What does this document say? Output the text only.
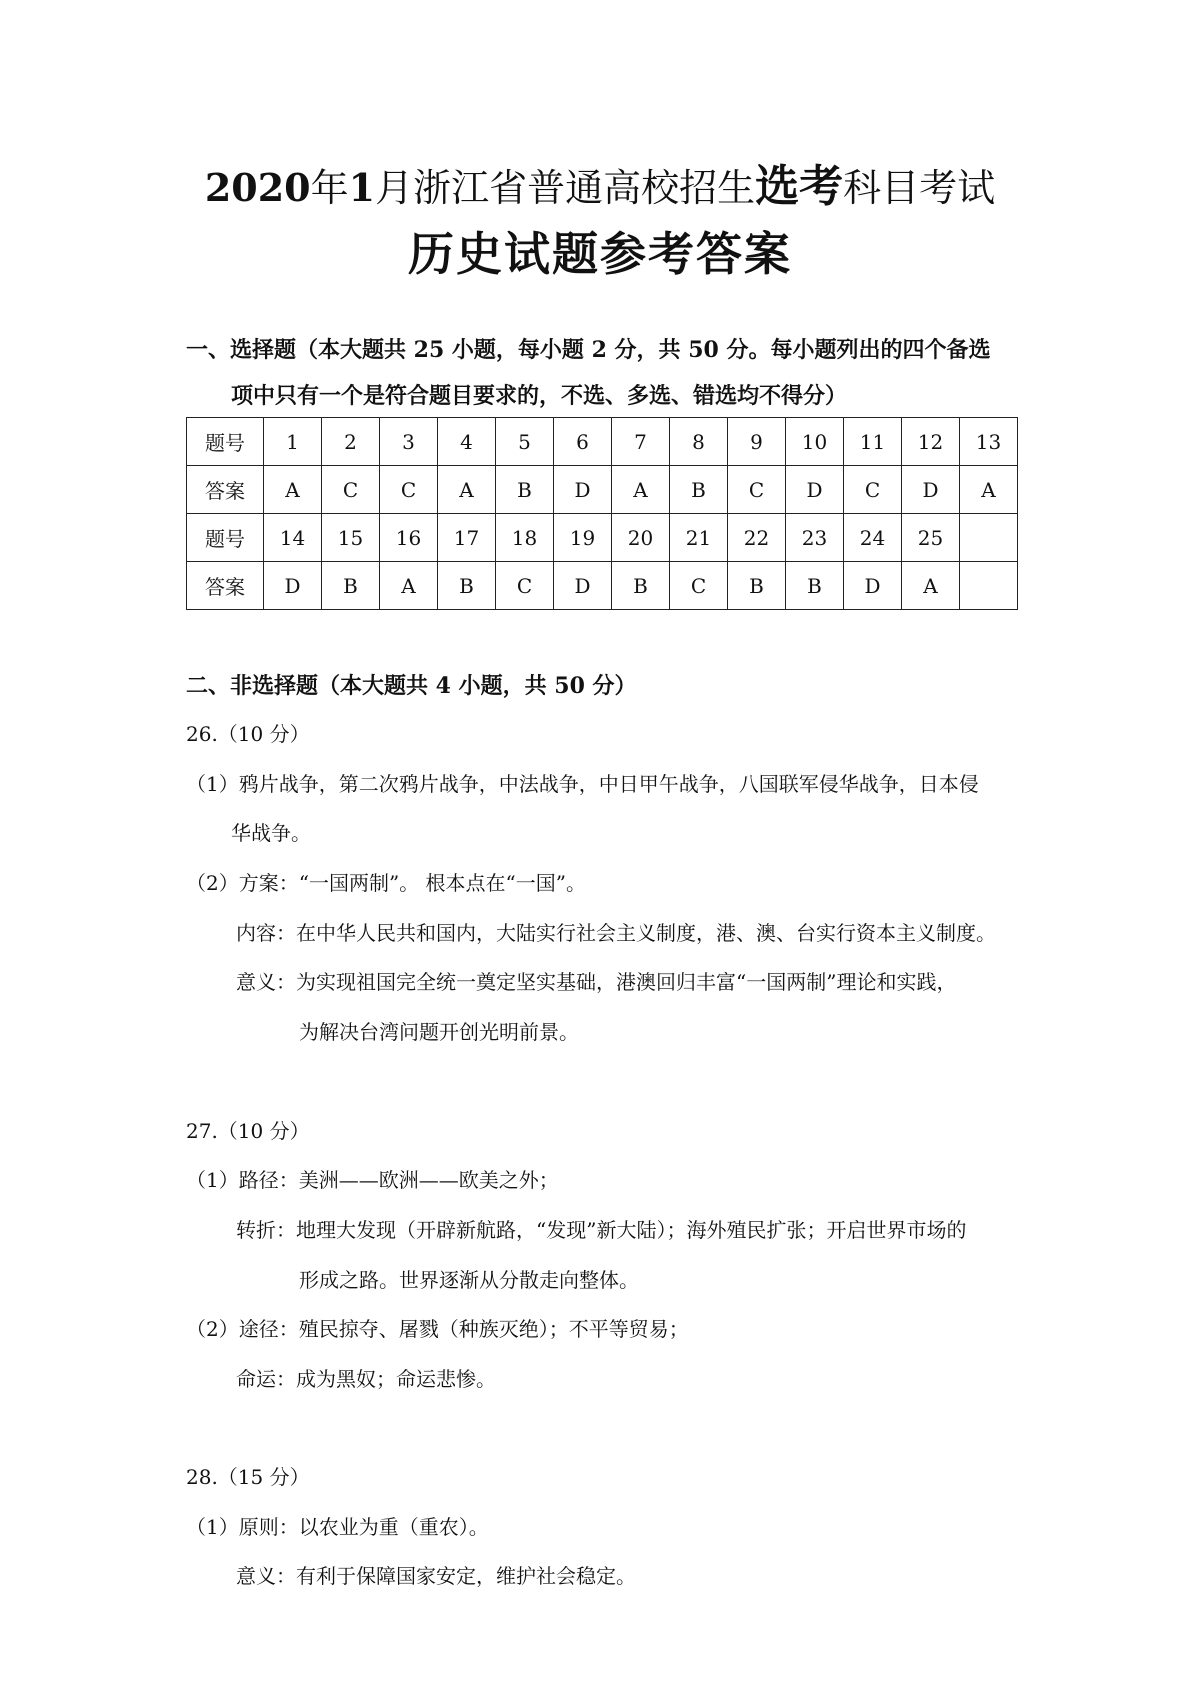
2020年1月浙江省普通高校招生选考科目考试
历史试题参考答案
一、选择题（本大题共 25 小题，每小题 2 分，共 50 分。每小题列出的四个备选
项中只有一个是符合题目要求的，不选、多选、错选均不得分）
题号	1	2	3	4	5	6	7	8	9	10	11	12	13
答案	A	C	C	A	B	D	A	B	C	D	C	D	A
题号	14	15	16	17	18	19	20	21	22	23	24	25	
答案	D	B	A	B	C	D	B	C	B	B	D	A	
二、非选择题（本大题共 4 小题，共 50 分）
26.（10 分）
（1）鸦片战争，第二次鸦片战争，中法战争，中日甲午战争，八国联军侵华战争，日本侵
华战争。
（2）方案：“一国两制”。 根本点在“一国”。
内容：在中华人民共和国内，大陆实行社会主义制度，港、澳、台实行资本主义制度。
意义：为实现祖国完全统一奠定坚实基础，港澳回归丰富“一国两制”理论和实践，
为解决台湾问题开创光明前景。
27.（10 分）
（1）路径：美洲——欧洲——欧美之外；
转折：地理大发现（开辟新航路，“发现”新大陆）；海外殖民扩张；开启世界市场的
形成之路。世界逐渐从分散走向整体。
（2）途径：殖民掠夺、屠戮（种族灭绝）；不平等贸易；
命运：成为黑奴；命运悲惨。
28.（15 分）
（1）原则：以农业为重（重农）。
意义：有利于保障国家安定，维护社会稳定。
